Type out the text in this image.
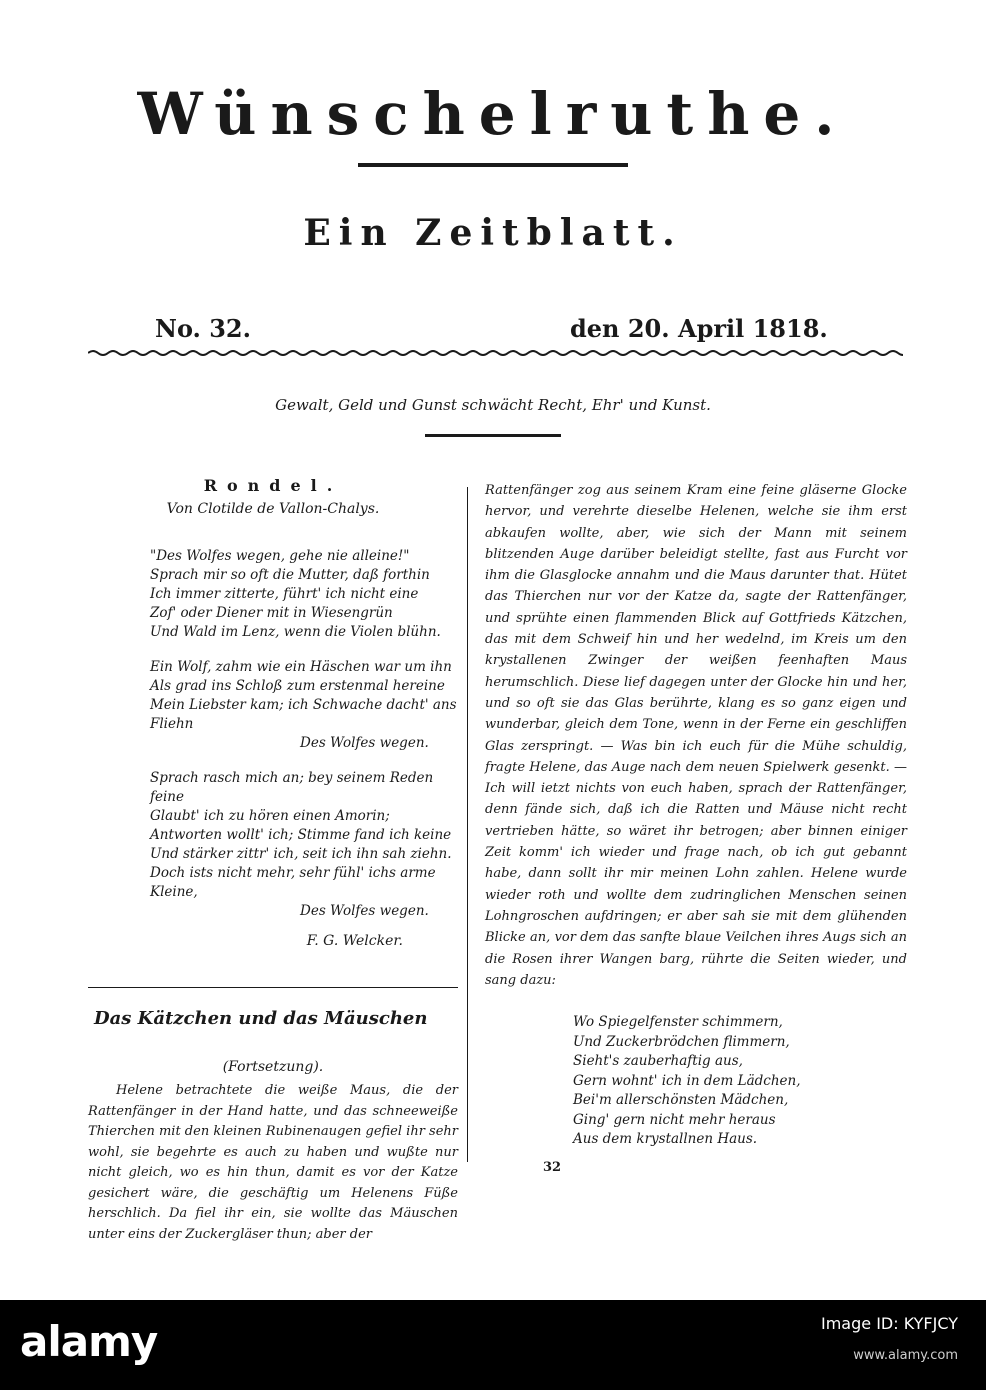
Wünschelruthe.
Ein Zeitblatt.
No. 32.	den 20. April 1818.
Gewalt, Geld und Gunst schwächt Recht, Ehr' und Kunst.
Rondel.
Von Clotilde de Vallon-Chalys.
"Des Wolfes wegen, gehe nie alleine!"
Sprach mir so oft die Mutter, daß forthin
Ich immer zitterte, führt' ich nicht eine
Zof' oder Diener mit in Wiesengrün
Und Wald im Lenz, wenn die Violen blühn.
Ein Wolf, zahm wie ein Häschen war um ihn
Als grad ins Schloß zum erstenmal hereine
Mein Liebster kam; ich Schwache dacht' ans Fliehn
Des Wolfes wegen.
Sprach rasch mich an; bey seinem Reden feine
Glaubt' ich zu hören einen Amorin;
Antworten wollt' ich; Stimme fand ich keine
Und stärker zittr' ich, seit ich ihn sah ziehn.
Doch ists nicht mehr, sehr fühl' ichs arme Kleine,
Des Wolfes wegen.
F. G. Welcker.
Das Kätzchen und das Mäuschen
(Fortsetzung).

Helene betrachtete die weiße Maus, die der Rattenfänger in der Hand hatte, und das schneeweiße Thierchen mit den kleinen Rubinenaugen gefiel ihr sehr wohl, sie begehrte es auch zu haben und wußte nur nicht gleich, wo es hin thun, damit es vor der Katze gesichert wäre, die geschäftig um Helenens Füße herschlich. Da fiel ihr ein, sie wollte das Mäuschen unter eins der Zuckergläser thun; aber der

Rattenfänger zog aus seinem Kram eine feine gläserne Glocke hervor, und verehrte dieselbe Helenen, welche sie ihm erst abkaufen wollte, aber, wie sich der Mann mit seinem blitzenden Auge darüber beleidigt stellte, fast aus Furcht vor ihm die Glasglocke annahm und die Maus darunter that. Hütet das Thierchen nur vor der Katze da, sagte der Rattenfänger, und sprühte einen flammenden Blick auf Gottfrieds Kätzchen, das mit dem Schweif hin und her wedelnd, im Kreis um den krystallenen Zwinger der weißen feenhaften Maus herumschlich. Diese lief dagegen unter der Glocke hin und her, und so oft sie das Glas berührte, klang es so ganz eigen und wunderbar, gleich dem Tone, wenn in der Ferne ein geschliffen Glas zerspringt. — Was bin ich euch für die Mühe schuldig, fragte Helene, das Auge nach dem neuen Spielwerk gesenkt. — Ich will ietzt nichts von euch haben, sprach der Rattenfänger, denn fände sich, daß ich die Ratten und Mäuse nicht recht vertrieben hätte, so wäret ihr betrogen; aber binnen einiger Zeit komm' ich wieder und frage nach, ob ich gut gebannt habe, dann sollt ihr mir meinen Lohn zahlen. Helene wurde wieder roth und wollte dem zudringlichen Menschen seinen Lohngroschen aufdringen; er aber sah sie mit dem glühenden Blicke an, vor dem das sanfte blaue Veilchen ihres Augs sich an die Rosen ihrer Wangen barg, rührte die Seiten wieder, und sang dazu:

Wo Spiegelfenster schimmern,
Und Zuckerbrödchen flimmern,
Sieht's zauberhaftig aus,
Gern wohnt' ich in dem Lädchen,
Bei'm allerschönsten Mädchen,
Ging' gern nicht mehr heraus
Aus dem krystallnen Haus.
32
alamy	Image ID: KYFJCY
www.alamy.com
